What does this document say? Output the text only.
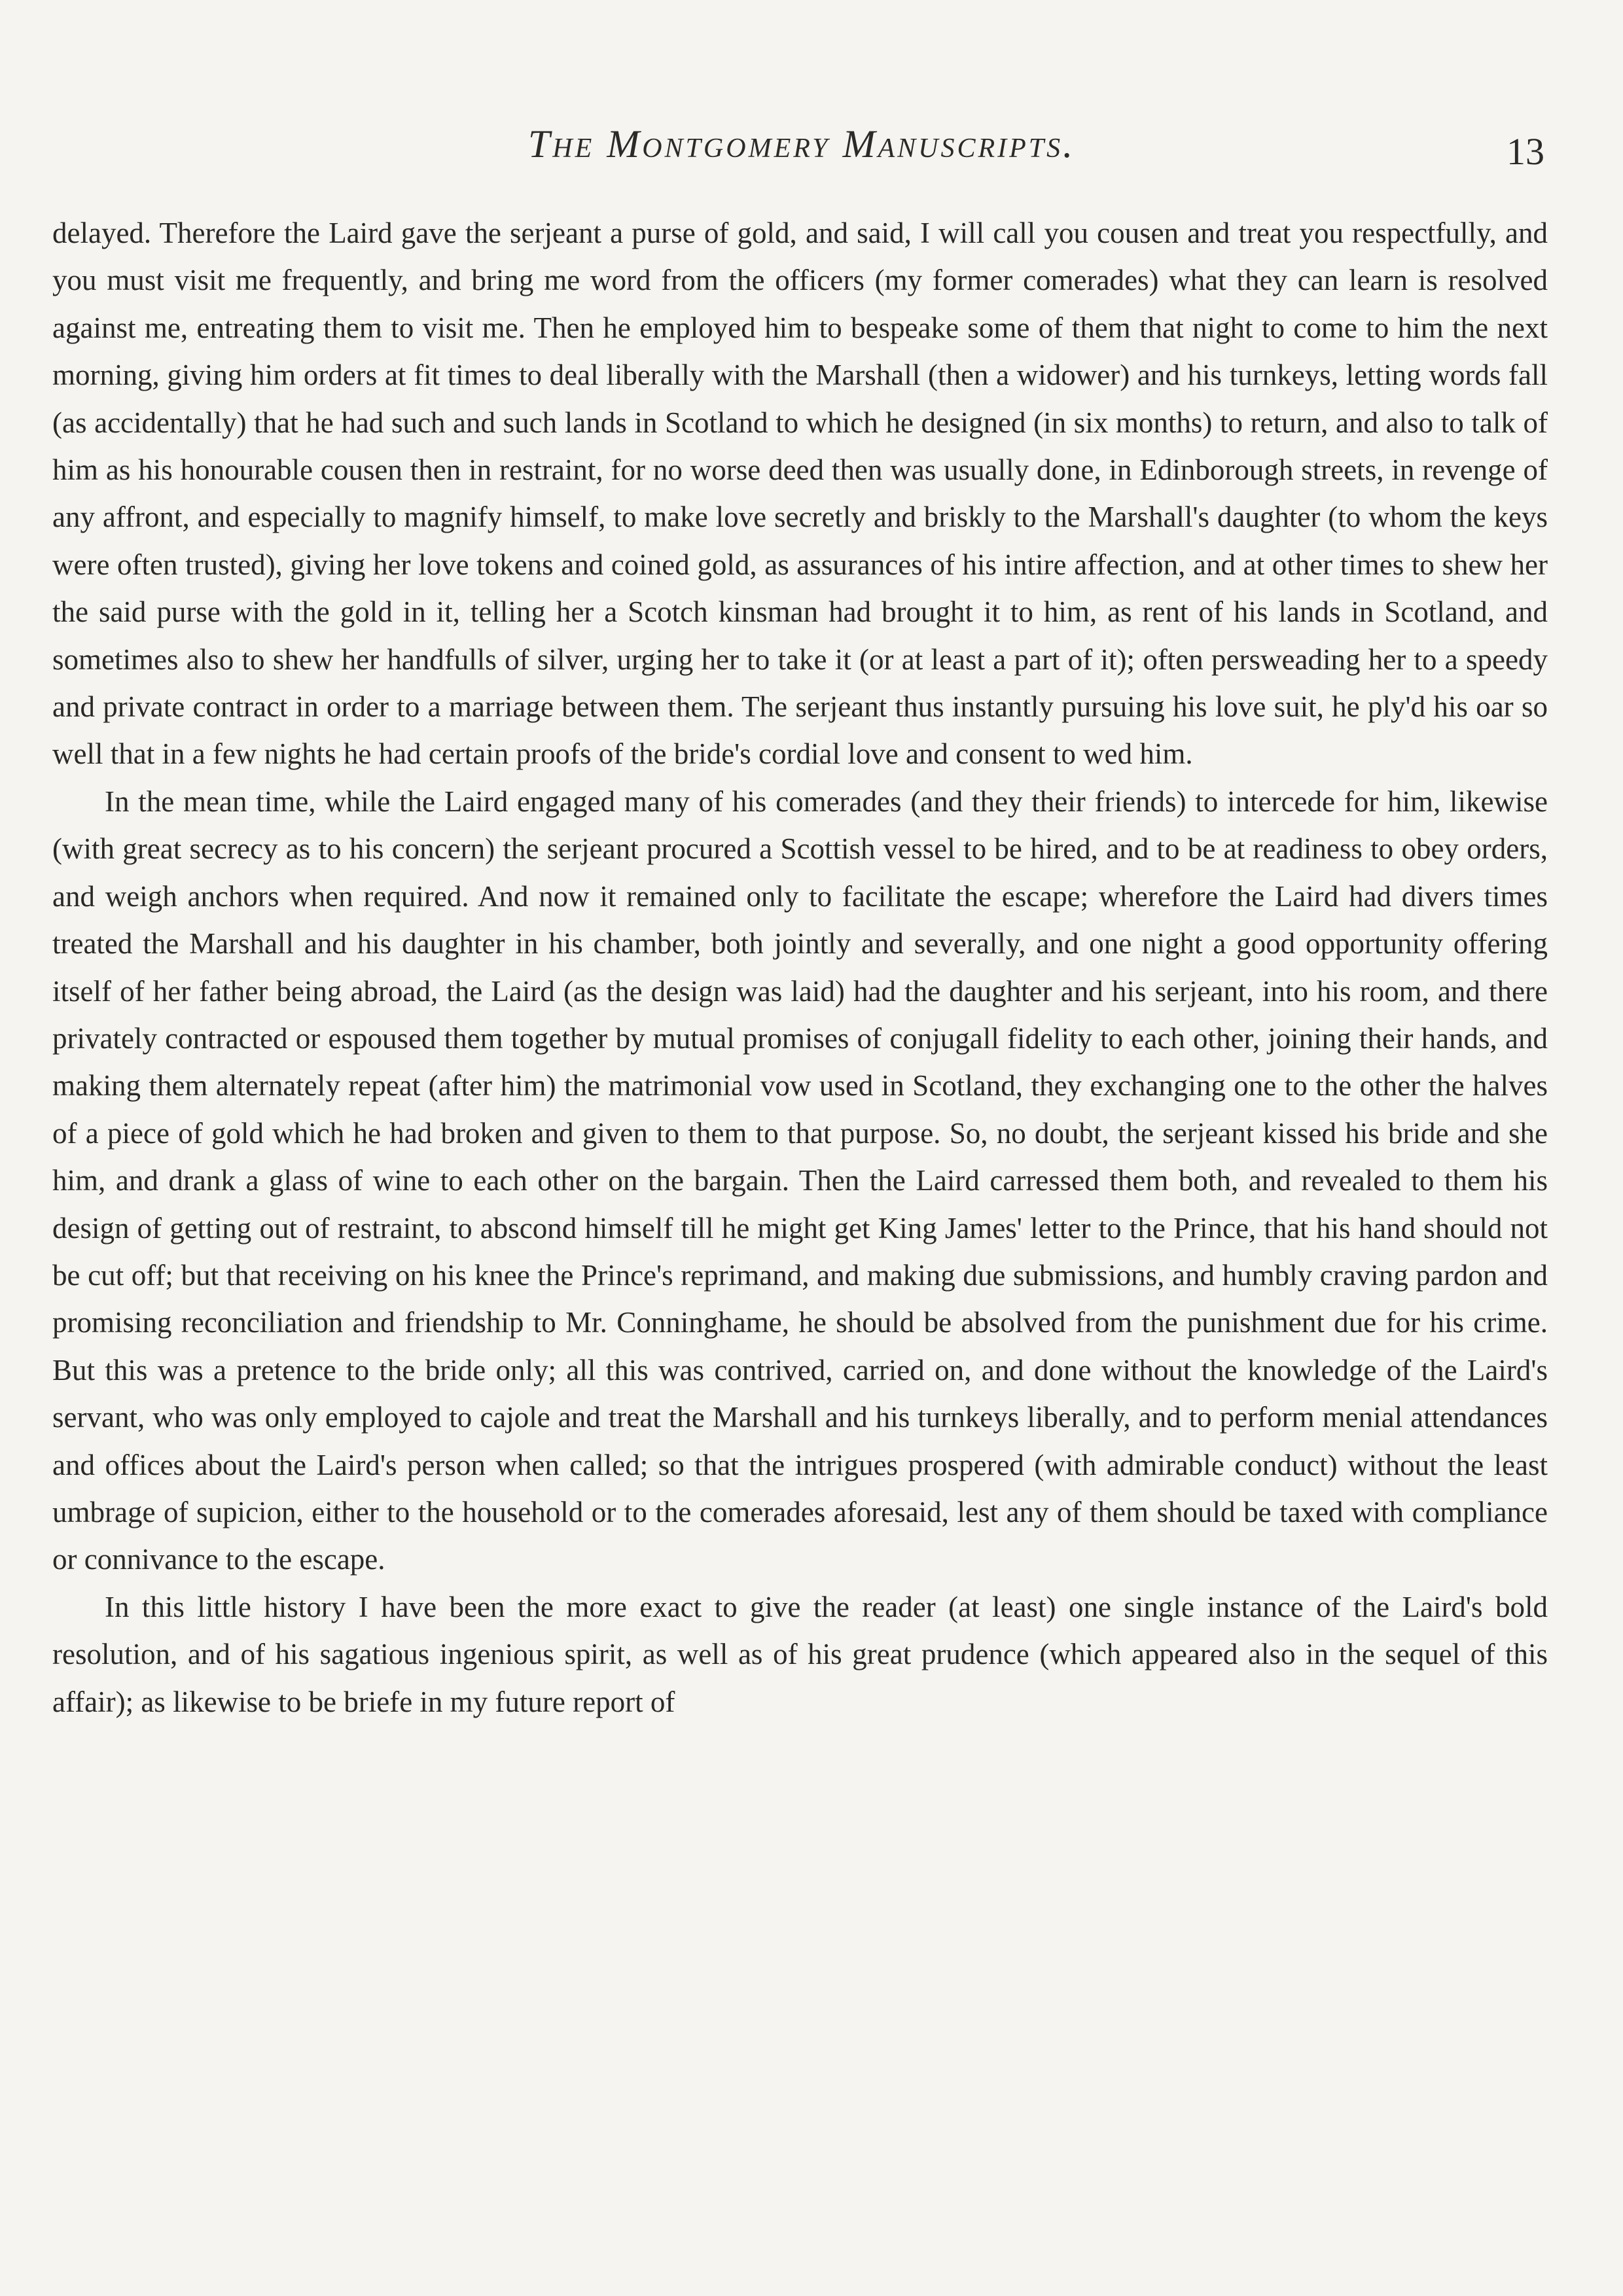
The Montgomery Manuscripts.	13

delayed. Therefore the Laird gave the serjeant a purse of gold, and said, I will call you cousen and treat you respectfully, and you must visit me frequently, and bring me word from the officers (my former comerades) what they can learn is resolved against me, entreating them to visit me. Then he employed him to bespeake some of them that night to come to him the next morning, giving him orders at fit times to deal liberally with the Marshall (then a widower) and his turnkeys, letting words fall (as accidentally) that he had such and such lands in Scotland to which he designed (in six months) to return, and also to talk of him as his honourable cousen then in restraint, for no worse deed then was usually done, in Edinborough streets, in revenge of any affront, and especially to magnify himself, to make love secretly and briskly to the Marshall's daughter (to whom the keys were often trusted), giving her love tokens and coined gold, as assurances of his intire affection, and at other times to shew her the said purse with the gold in it, telling her a Scotch kinsman had brought it to him, as rent of his lands in Scotland, and sometimes also to shew her handfulls of silver, urging her to take it (or at least a part of it); often persweading her to a speedy and private contract in order to a marriage between them. The serjeant thus instantly pursuing his love suit, he ply'd his oar so well that in a few nights he had certain proofs of the bride's cordial love and consent to wed him.

In the mean time, while the Laird engaged many of his comerades (and they their friends) to intercede for him, likewise (with great secrecy as to his concern) the serjeant procured a Scottish vessel to be hired, and to be at readiness to obey orders, and weigh anchors when required. And now it remained only to facilitate the escape; wherefore the Laird had divers times treated the Marshall and his daughter in his chamber, both jointly and severally, and one night a good opportunity offering itself of her father being abroad, the Laird (as the design was laid) had the daughter and his serjeant, into his room, and there privately contracted or espoused them together by mutual promises of conjugall fidelity to each other, joining their hands, and making them alternately repeat (after him) the matrimonial vow used in Scotland, they exchanging one to the other the halves of a piece of gold which he had broken and given to them to that purpose. So, no doubt, the serjeant kissed his bride and she him, and drank a glass of wine to each other on the bargain. Then the Laird carressed them both, and revealed to them his design of getting out of restraint, to abscond himself till he might get King James' letter to the Prince, that his hand should not be cut off; but that receiving on his knee the Prince's reprimand, and making due submissions, and humbly craving pardon and promising reconciliation and friendship to Mr. Conninghame, he should be absolved from the punishment due for his crime. But this was a pretence to the bride only; all this was contrived, carried on, and done without the knowledge of the Laird's servant, who was only employed to cajole and treat the Marshall and his turnkeys liberally, and to perform menial attendances and offices about the Laird's person when called; so that the intrigues prospered (with admirable conduct) without the least umbrage of supicion, either to the household or to the comerades aforesaid, lest any of them should be taxed with compliance or connivance to the escape.

In this little history I have been the more exact to give the reader (at least) one single instance of the Laird's bold resolution, and of his sagatious ingenious spirit, as well as of his great prudence (which appeared also in the sequel of this affair); as likewise to be briefe in my future report of
